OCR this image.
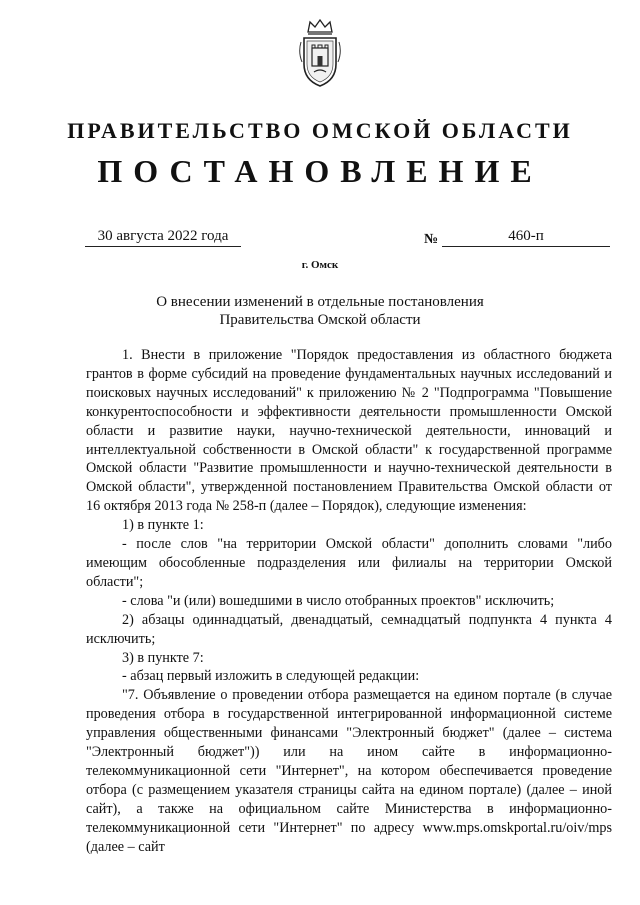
ПРАВИТЕЛЬСТВО ОМСКОЙ ОБЛАСТИ
ПОСТАНОВЛЕНИЕ
30 августа 2022 года	№	460-п
г. Омск
О внесении изменений в отдельные постановления
Правительства Омской области

1. Внести в приложение "Порядок предоставления из областного бюджета грантов в форме субсидий на проведение фундаментальных научных исследований и поисковых научных исследований" к приложению № 2 "Подпрограмма "Повышение конкурентоспособности и эффективности деятельности промышленности Омской области и развитие науки, научно-технической деятельности, инноваций и интеллектуальной собственности в Омской области" к государственной программе Омской области "Развитие промышленности и научно-технической деятельности в Омской области", утвержденной постановлением Правительства Омской области от 16 октября 2013 года № 258-п (далее – Порядок), следующие изменения:

1) в пункте 1:

- после слов "на территории Омской области" дополнить словами "либо имеющим обособленные подразделения или филиалы на территории Омской области";

- слова "и (или) вошедшими в число отобранных проектов" исключить;

2) абзацы одиннадцатый, двенадцатый, семнадцатый подпункта 4 пункта 4 исключить;

3) в пункте 7:

- абзац первый изложить в следующей редакции:

"7. Объявление о проведении отбора размещается на едином портале (в случае проведения отбора в государственной интегрированной информационной системе управления общественными финансами "Электронный бюджет" (далее – система "Электронный бюджет")) или на ином сайте в информационно-телекоммуникационной сети "Интернет", на котором обеспечивается проведение отбора (с размещением указателя страницы сайта на едином портале) (далее – иной сайт), а также на официальном сайте Министерства в информационно-телекоммуникационной сети "Интернет" по адресу www.mps.omskportal.ru/oiv/mps (далее – сайт
